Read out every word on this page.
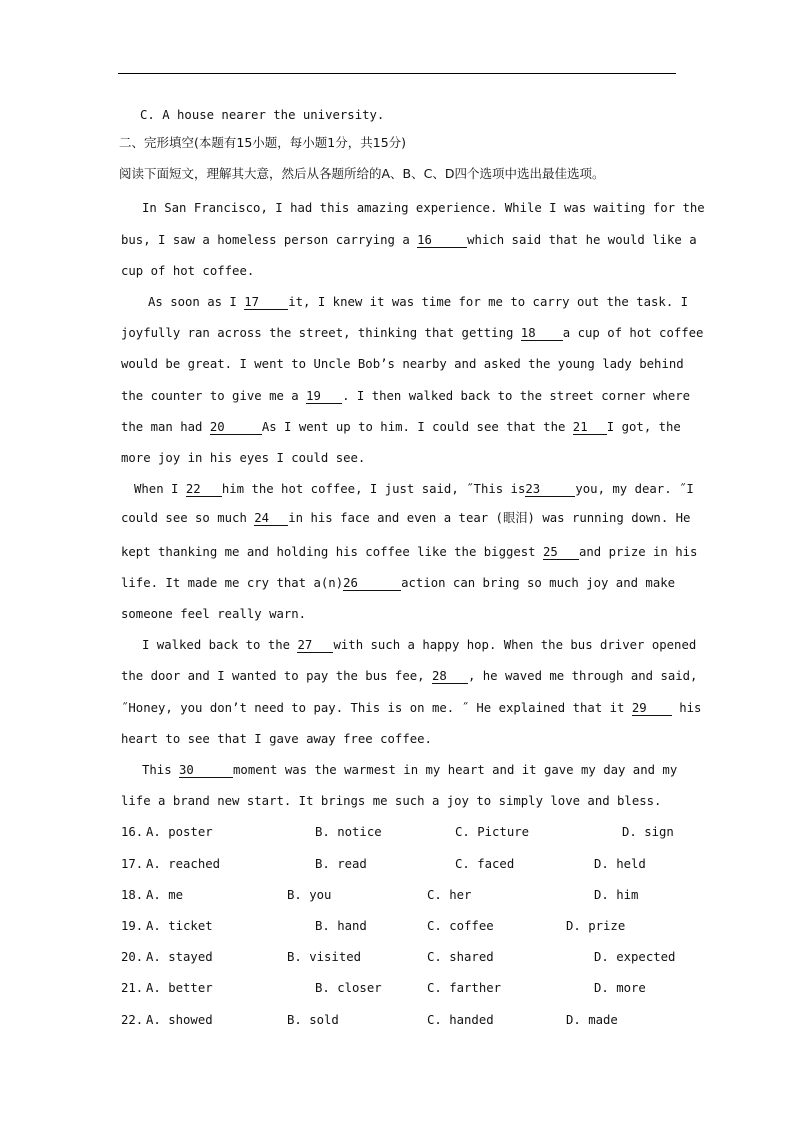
C. A house nearer the university.
二、完形填空(本题有15小题，每小题1分，共15分)
阅读下面短文，理解其大意，然后从各题所给的A、B、C、D四个选项中选出最佳选项。
In San Francisco, I had this amazing experience. While I was waiting for the
bus, I saw a homeless person carrying a 16	which said that he would like a
cup of hot coffee.
As soon as I 17 it, I knew it was time for me to carry out the task. I
joyfully ran across the street, thinking that getting 18 a cup of hot coffee
would be great. I went to Uncle Bob’s nearby and asked the young lady behind
the counter to give me a 19 . I then walked back to the street corner where
the man had 20	As I went up to him. I could see that the 21 I got, the
more joy in his eyes I could see.
When I 22 him the hot coffee, I just said, ˝This is23	you, my dear. ˝I
could see so much 24 in his face and even a tear (眼泪) was running down. He
kept thanking me and holding his coffee like the biggest 25 and prize in his
life. It made me cry that a(n)26	action can bring so much joy and make
someone feel really warn.
I walked back to the 27 with such a happy hop. When the bus driver opened
the door and I wanted to pay the bus fee, 28 , he waved me through and said,
˝Honey, you don’t need to pay. This is on me. ˝ He explained that it 29	his
heart to see that I gave away free coffee.
This 30	moment was the warmest in my heart and it gave my day and my
life a brand new start. It brings me such a joy to simply love and bless.
16. A. poster	B. notice	C. Picture	D. sign
17. A. reached	B. read	C. faced	D. held
18. A. me	B. you	C. her	D. him
19. A. ticket	B. hand	C. coffee	D. prize
20. A. stayed	B. visited	C. shared	D. expected
21. A. better	B. closer	C. farther	D. more
22. A. showed	B. sold	C. handed	D. made
